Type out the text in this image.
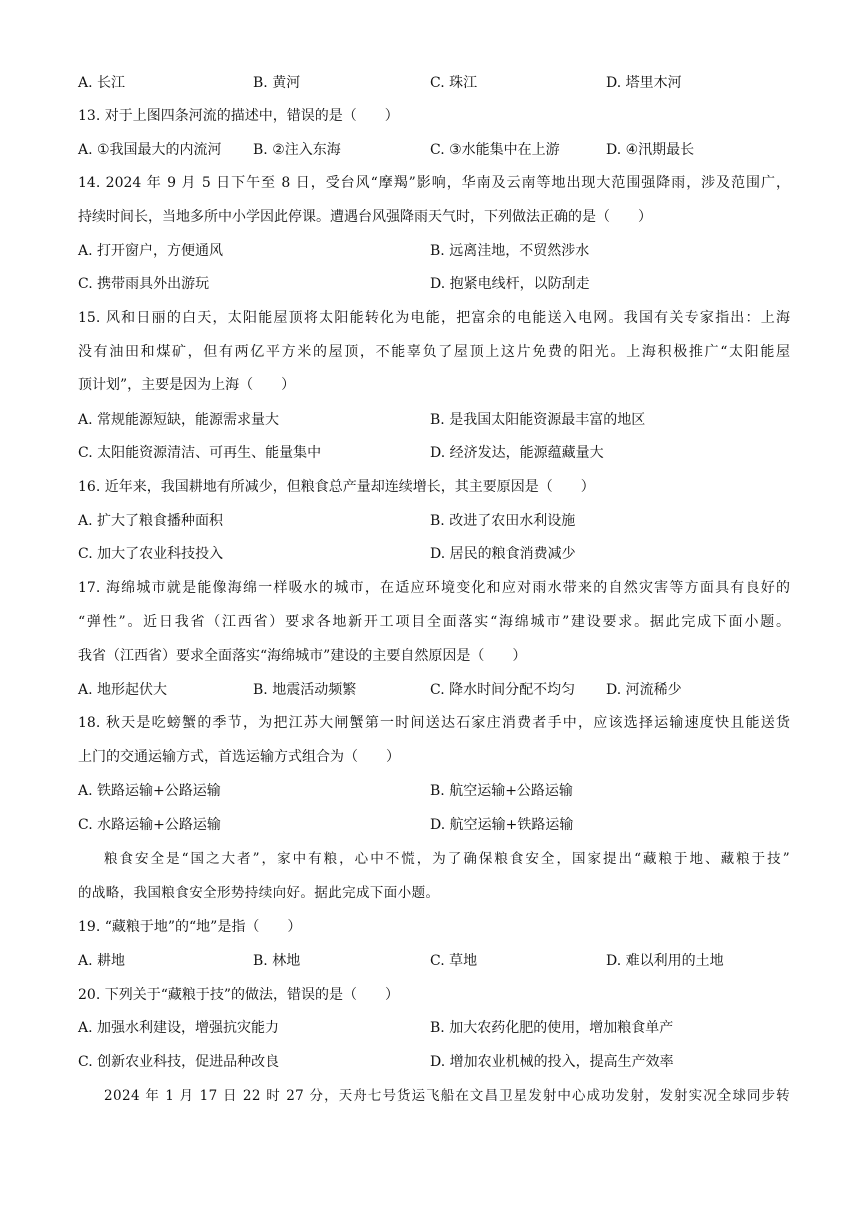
A. 长江	B. 黄河	C. 珠江	D. 塔里木河
13. 对于上图四条河流的描述中，错误的是（　　）
A. ①我国最大的内流河 B. ②注入东海	C. ③水能集中在上游	D. ④汛期最长
14. 2024 年 9 月 5 日下午至 8 日，受台风“摩羯”影响，华南及云南等地出现大范围强降雨，涉及范围广，
持续时间长，当地多所中小学因此停课。遭遇台风强降雨天气时，下列做法正确的是（　　）
A. 打开窗户，方便通风	B. 远离洼地，不贸然涉水
C. 携带雨具外出游玩	D. 抱紧电线杆，以防刮走
15. 风和日丽的白天，太阳能屋顶将太阳能转化为电能，把富余的电能送入电网。我国有关专家指出：上海
没有油田和煤矿，但有两亿平方米的屋顶，不能辜负了屋顶上这片免费的阳光。上海积极推广“太阳能屋
顶计划”，主要是因为上海（　　）
A. 常规能源短缺，能源需求量大	B. 是我国太阳能资源最丰富的地区
C. 太阳能资源清洁、可再生、能量集中	D. 经济发达，能源蕴藏量大
16. 近年来，我国耕地有所减少，但粮食总产量却连续增长，其主要原因是（　　）
A. 扩大了粮食播种面积	B. 改进了农田水利设施
C. 加大了农业科技投入	D. 居民的粮食消费减少
17. 海绵城市就是能像海绵一样吸水的城市，在适应环境变化和应对雨水带来的自然灾害等方面具有良好的
“弹性”。近日我省（江西省）要求各地新开工项目全面落实“海绵城市”建设要求。据此完成下面小题。
我省（江西省）要求全面落实“海绵城市”建设的主要自然原因是（　　）
A. 地形起伏大	B. 地震活动频繁	C. 降水时间分配不均匀 D. 河流稀少
18. 秋天是吃螃蟹的季节，为把江苏大闸蟹第一时间送达石家庄消费者手中，应该选择运输速度快且能送货
上门的交通运输方式，首选运输方式组合为（　　）
A. 铁路运输+公路运输	B. 航空运输+公路运输
C. 水路运输+公路运输	D. 航空运输+铁路运输
粮食安全是“国之大者”，家中有粮，心中不慌，为了确保粮食安全，国家提出“藏粮于地、藏粮于技”
的战略，我国粮食安全形势持续向好。据此完成下面小题。
19. “藏粮于地”的“地”是指（　　）
A. 耕地	B. 林地	C. 草地	D. 难以利用的土地
20. 下列关于“藏粮于技”的做法，错误的是（　　）
A. 加强水利建设，增强抗灾能力	B. 加大农药化肥的使用，增加粮食单产
C. 创新农业科技，促进品种改良	D. 增加农业机械的投入，提高生产效率
2024 年 1 月 17 日 22 时 27 分，天舟七号货运飞船在文昌卫星发射中心成功发射，发射实况全球同步转
